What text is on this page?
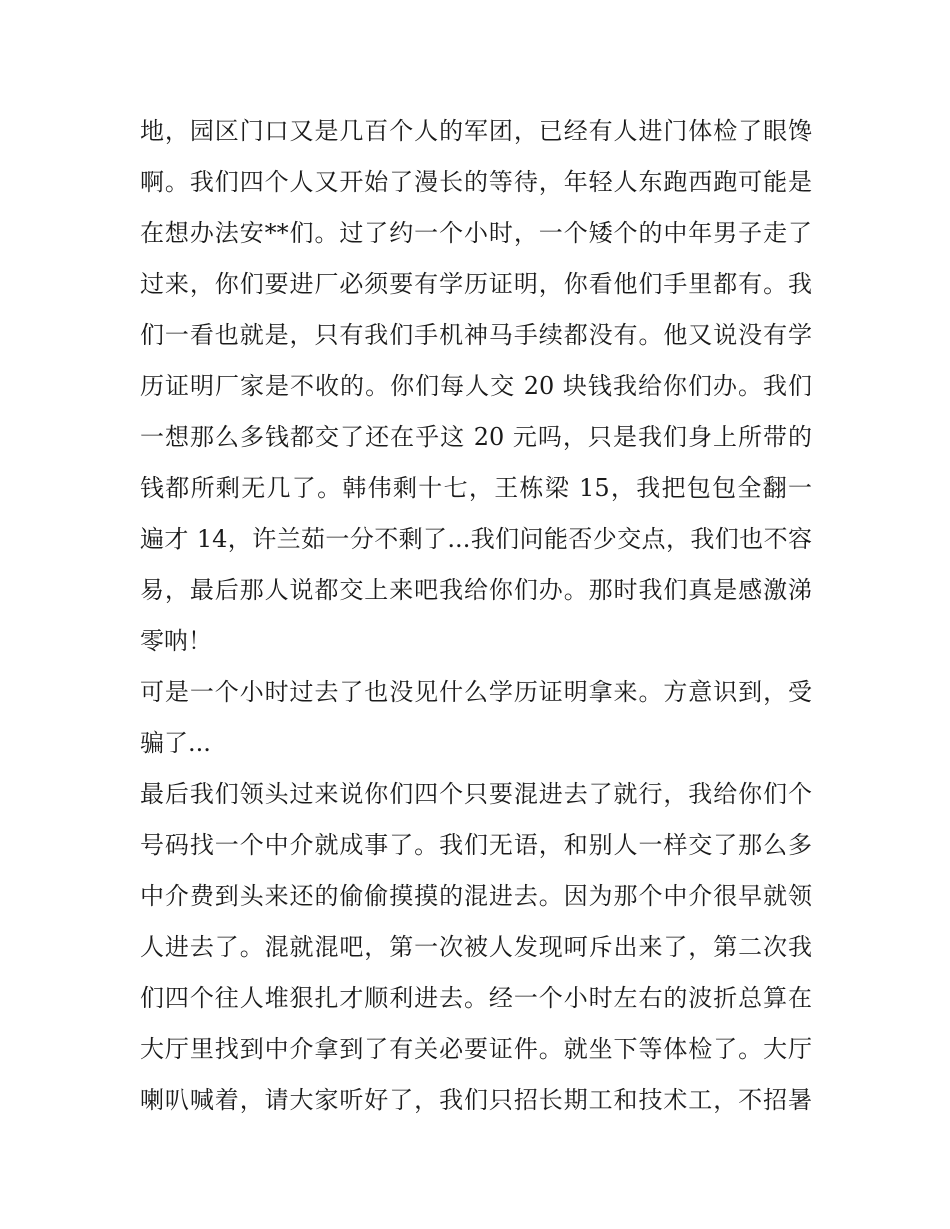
地，园区门口又是几百个人的军团，已经有人进门体检了眼馋
啊。我们四个人又开始了漫长的等待，年轻人东跑西跑可能是
在想办法安**们。过了约一个小时，一个矮个的中年男子走了
过来，你们要进厂必须要有学历证明，你看他们手里都有。我
们一看也就是，只有我们手机神马手续都没有。他又说没有学
历证明厂家是不收的。你们每人交 20 块钱我给你们办。我们
一想那么多钱都交了还在乎这 20 元吗，只是我们身上所带的
钱都所剩无几了。韩伟剩十七，王栋梁 15，我把包包全翻一
遍才 14，许兰茹一分不剩了...我们问能否少交点，我们也不容
易，最后那人说都交上来吧我给你们办。那时我们真是感激涕
零呐！
可是一个小时过去了也没见什么学历证明拿来。方意识到，受
骗了...
最后我们领头过来说你们四个只要混进去了就行，我给你们个
号码找一个中介就成事了。我们无语，和别人一样交了那么多
中介费到头来还的偷偷摸摸的混进去。因为那个中介很早就领
人进去了。混就混吧，第一次被人发现呵斥出来了，第二次我
们四个往人堆狠扎才顺利进去。经一个小时左右的波折总算在
大厅里找到中介拿到了有关必要证件。就坐下等体检了。大厅
喇叭喊着，请大家听好了，我们只招长期工和技术工，不招暑
